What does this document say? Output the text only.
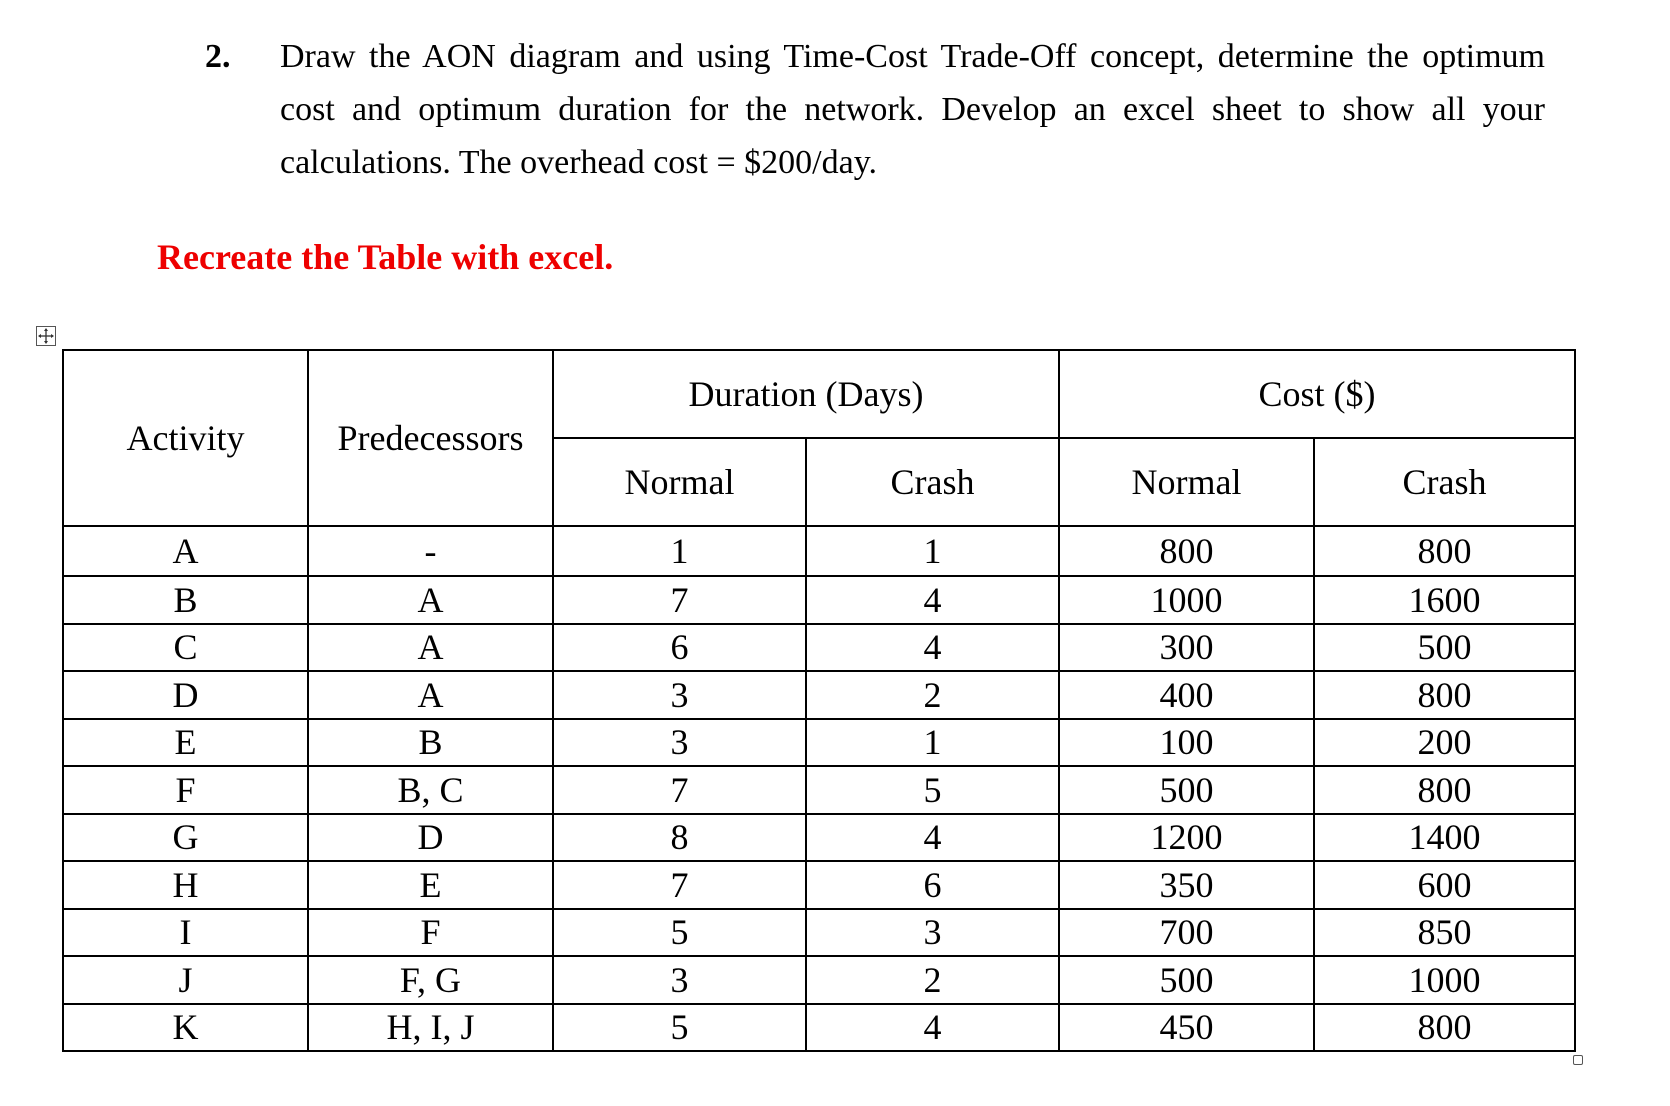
2. Draw the AON diagram and using Time-Cost Trade-Off concept, determine the optimum cost and optimum duration for the network. Develop an excel sheet to show all your calculations. The overhead cost = $200/day.
Recreate the Table with excel.
Activity	Predecessors	Duration (Days)		Cost ($)	
		Normal	Crash	Normal	Crash
A	-	1	1	800	800
B	A	7	4	1000	1600
C	A	6	4	300	500
D	A	3	2	400	800
E	B	3	1	100	200
F	B, C	7	5	500	800
G	D	8	4	1200	1400
H	E	7	6	350	600
I	F	5	3	700	850
J	F, G	3	2	500	1000
K	H, I, J	5	4	450	800
